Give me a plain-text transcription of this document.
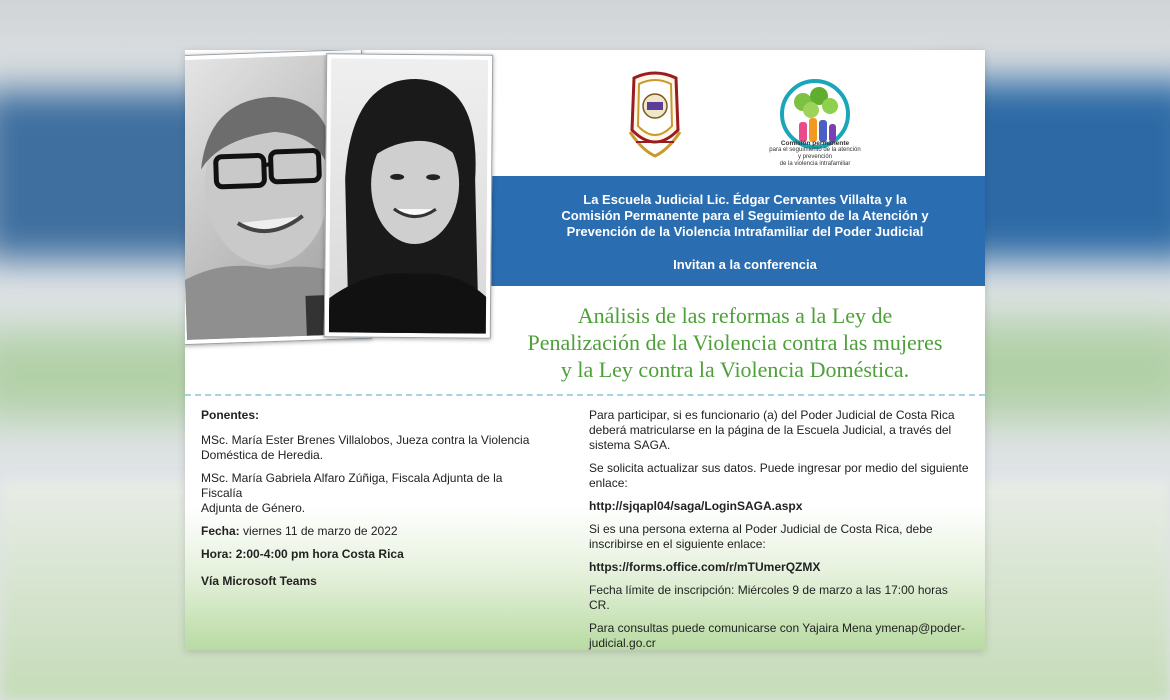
Comisión permanente
para el seguimiento de la atención y prevención
de la violencia intrafamiliar
La Escuela Judicial Lic. Édgar Cervantes Villalta y la
Comisión Permanente para el Seguimiento de la Atención y
Prevención de la Violencia Intrafamiliar del Poder Judicial
Invitan a la conferencia
Análisis de las reformas a la Ley de
Penalización de la Violencia contra las mujeres
y la Ley contra la Violencia Doméstica.

Ponentes:

MSc. María Ester Brenes Villalobos, Jueza contra la Violencia
Doméstica de Heredia.

MSc. María Gabriela Alfaro Zúñiga, Fiscala Adjunta de la Fiscalía
Adjunta de Género.

Fecha: viernes 11 de marzo de 2022

Hora: 2:00-4:00 pm hora Costa Rica

Vía Microsoft Teams

Para participar, si es funcionario (a) del Poder Judicial de Costa Rica
deberá matricularse en la página de la Escuela Judicial, a través del
sistema SAGA.

Se solicita actualizar sus datos. Puede ingresar por medio del siguiente
enlace:

http://sjqapl04/saga/LoginSAGA.aspx

Si es una persona externa al Poder Judicial de Costa Rica, debe
inscribirse en el siguiente enlace:

https://forms.office.com/r/mTUmerQZMX

Fecha límite de inscripción: Miércoles 9 de marzo a las 17:00 horas CR.

Para consultas puede comunicarse con Yajaira Mena ymenap@poder-
judicial.go.cr
